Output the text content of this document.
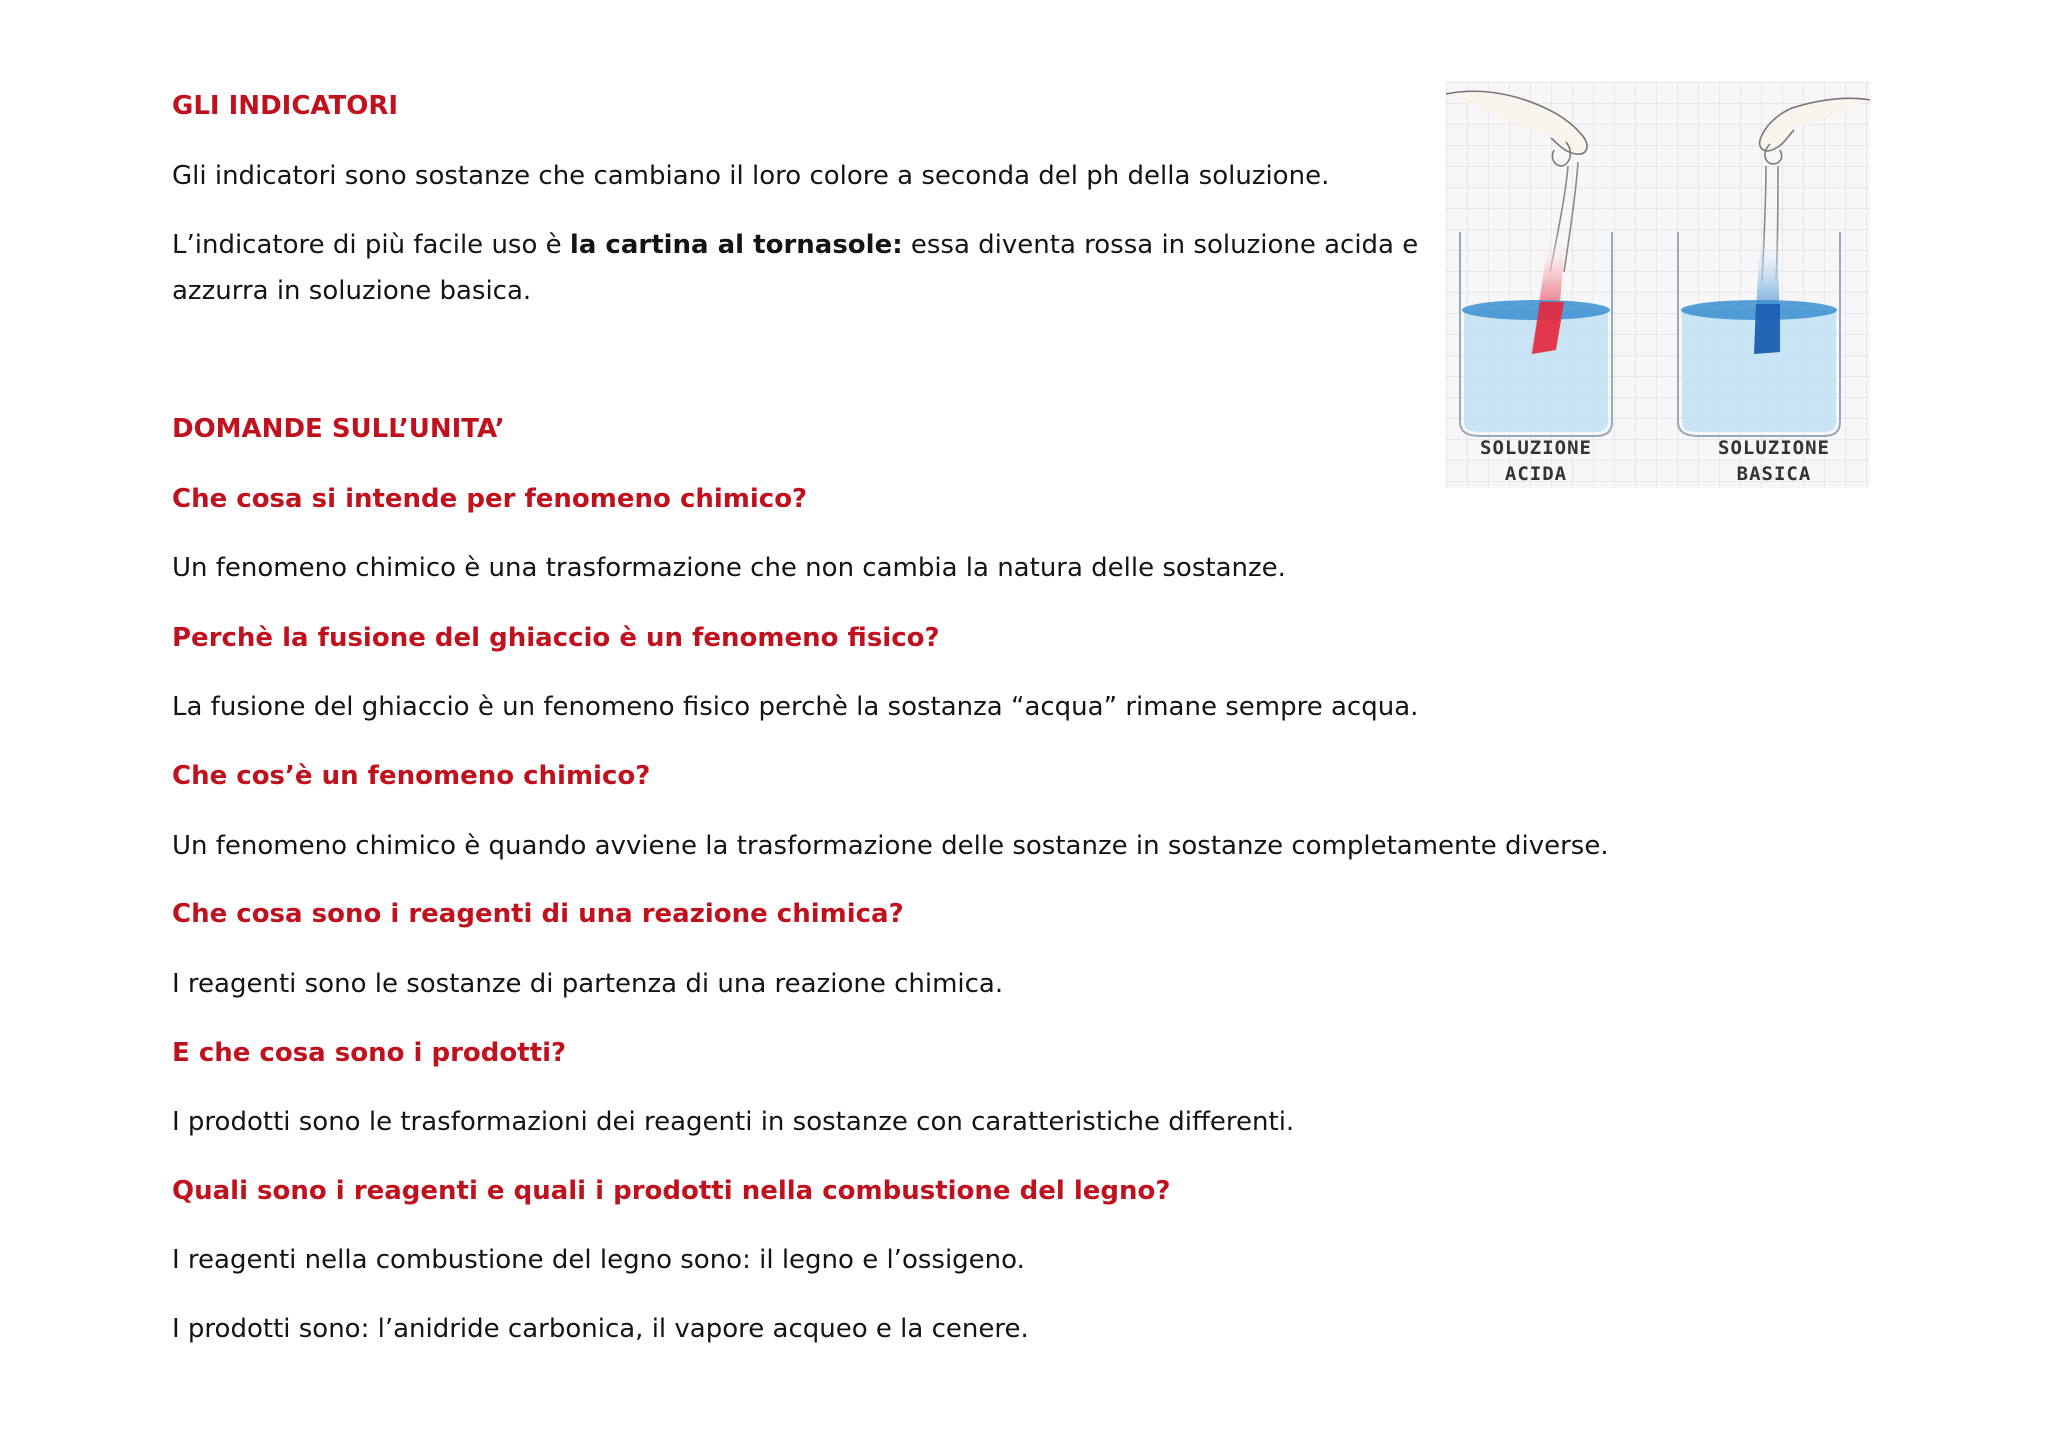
GLI INDICATORI

Gli indicatori sono sostanze che cambiano il loro colore a seconda del ph della soluzione.

L’indicatore di più facile uso è la cartina al tornasole: essa diventa rossa in soluzione acida e

azzurra in soluzione basica.

DOMANDE SULL’UNITA’

Che cosa si intende per fenomeno chimico?

Un fenomeno chimico è una trasformazione che non cambia la natura delle sostanze.

Perchè la fusione del ghiaccio è un fenomeno fisico?

La fusione del ghiaccio è un fenomeno fisico perchè la sostanza “acqua” rimane sempre acqua.

Che cos’è un fenomeno chimico?

Un fenomeno chimico è quando avviene la trasformazione delle sostanze in sostanze completamente diverse.

Che cosa sono i reagenti di una reazione chimica?

I reagenti sono le sostanze di partenza di una reazione chimica.

E che cosa sono i prodotti?

I prodotti sono le trasformazioni dei reagenti in sostanze con caratteristiche differenti.

Quali sono i reagenti e quali i prodotti nella combustione del legno?

I reagenti nella combustione del legno sono: il legno e l’ossigeno.

I prodotti sono: l’anidride carbonica, il vapore acqueo e la cenere.

SOLUZIONE
ACIDA
SOLUZIONE
BASICA
